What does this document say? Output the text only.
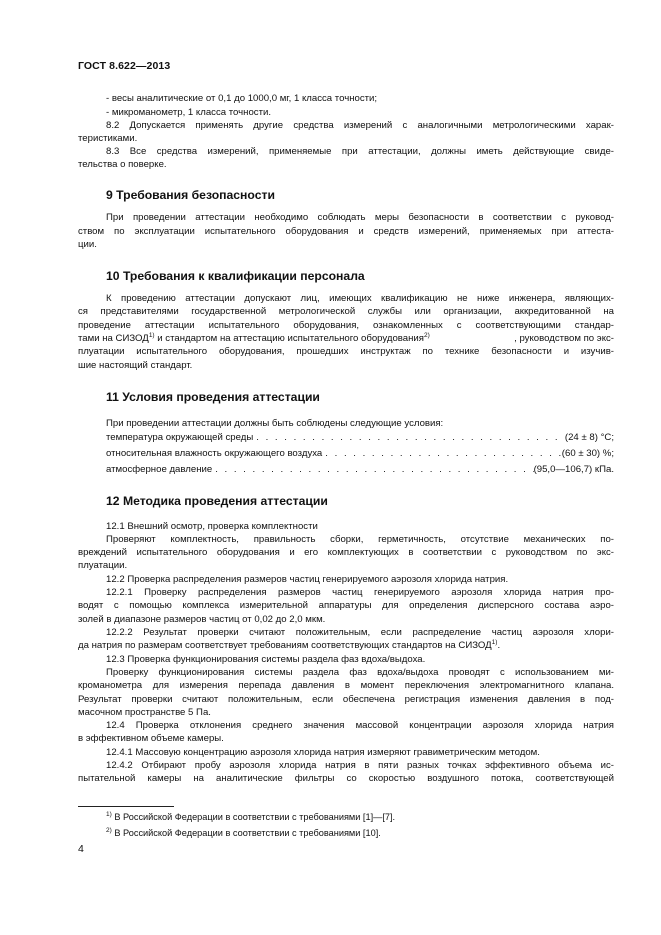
ГОСТ 8.622—2013
- весы аналитические от 0,1 до 1000,0 мг, 1 класса точности;
- микроманометр, 1 класса точности.
8.2 Допускается применять другие средства измерений с аналогичными метрологическими харак-
теристиками.
8.3 Все средства измерений, применяемые при аттестации, должны иметь действующие свиде-
тельства о поверке.
9 Требования безопасности
При проведении аттестации необходимо соблюдать меры безопасности в соответствии с руковод-
ством по эксплуатации испытательного оборудования и средств измерений, применяемых при аттеста-
ции.
10 Требования к квалификации персонала
К проведению аттестации допускают лиц, имеющих квалификацию не ниже инженера, являющих-
ся представителями государственной метрологической службы или организации, аккредитованной на
проведение аттестации испытательного оборудования, ознакомленных с соответствующими стандар-
тами на СИЗОД$^{1)}$ и стандартом на аттестацию испытательного оборудования$^{2)}$	, руководством по экс-
плуатации испытательного оборудования, прошедших инструктаж по технике безопасности и изучив-
шие настоящий стандарт.
11 Условия проведения аттестации
При проведении аттестации должны быть соблюдены следующие условия:
температура окружающей среды . . .	(24 ± 8) °С;
относительная влажность окружающего воздуха . . .	(60 ± 30) %;
атмосферное давление . . .	(95,0—106,7) кПа.
12 Методика проведения аттестации
12.1 Внешний осмотр, проверка комплектности
Проверяют комплектность, правильность сборки, герметичность, отсутствие механических по-
вреждений испытательного оборудования и его комплектующих в соответствии с руководством по экс-
плуатации.
12.2 Проверка распределения размеров частиц генерируемого аэрозоля хлорида натрия.
12.2.1 Проверку распределения размеров частиц генерируемого аэрозоля хлорида натрия про-
водят с помощью комплекса измерительной аппаратуры для определения дисперсного состава аэро-
золей в диапазоне размеров частиц от 0,02 до 2,0 мкм.
12.2.2 Результат проверки считают положительным, если распределение частиц аэрозоля хлори-
да натрия по размерам соответствует требованиям соответствующих стандартов на СИЗОД$^{1)}$.
12.3 Проверка функционирования системы раздела фаз вдоха/выдоха.
Проверку функционирования системы раздела фаз вдоха/выдоха проводят с использованием ми-
кроманометра для измерения перепада давления в момент переключения электромагнитного клапана.
Результат проверки считают положительным, если обеспечена регистрация изменения давления в под-
масочном пространстве 5 Па.
12.4 Проверка отклонения среднего значения массовой концентрации аэрозоля хлорида натрия
в эффективном объеме камеры.
12.4.1 Массовую концентрацию аэрозоля хлорида натрия измеряют гравиметрическим методом.
12.4.2 Отбирают пробу аэрозоля хлорида натрия в пяти разных точках эффективного объема ис-
пытательной камеры на аналитические фильтры со скоростью воздушного потока, соответствующей
$^{1)}$ В Российской Федерации в соответствии с требованиями [1]—[7].
$^{2)}$ В Российской Федерации в соответствии с требованиями [10].
4
